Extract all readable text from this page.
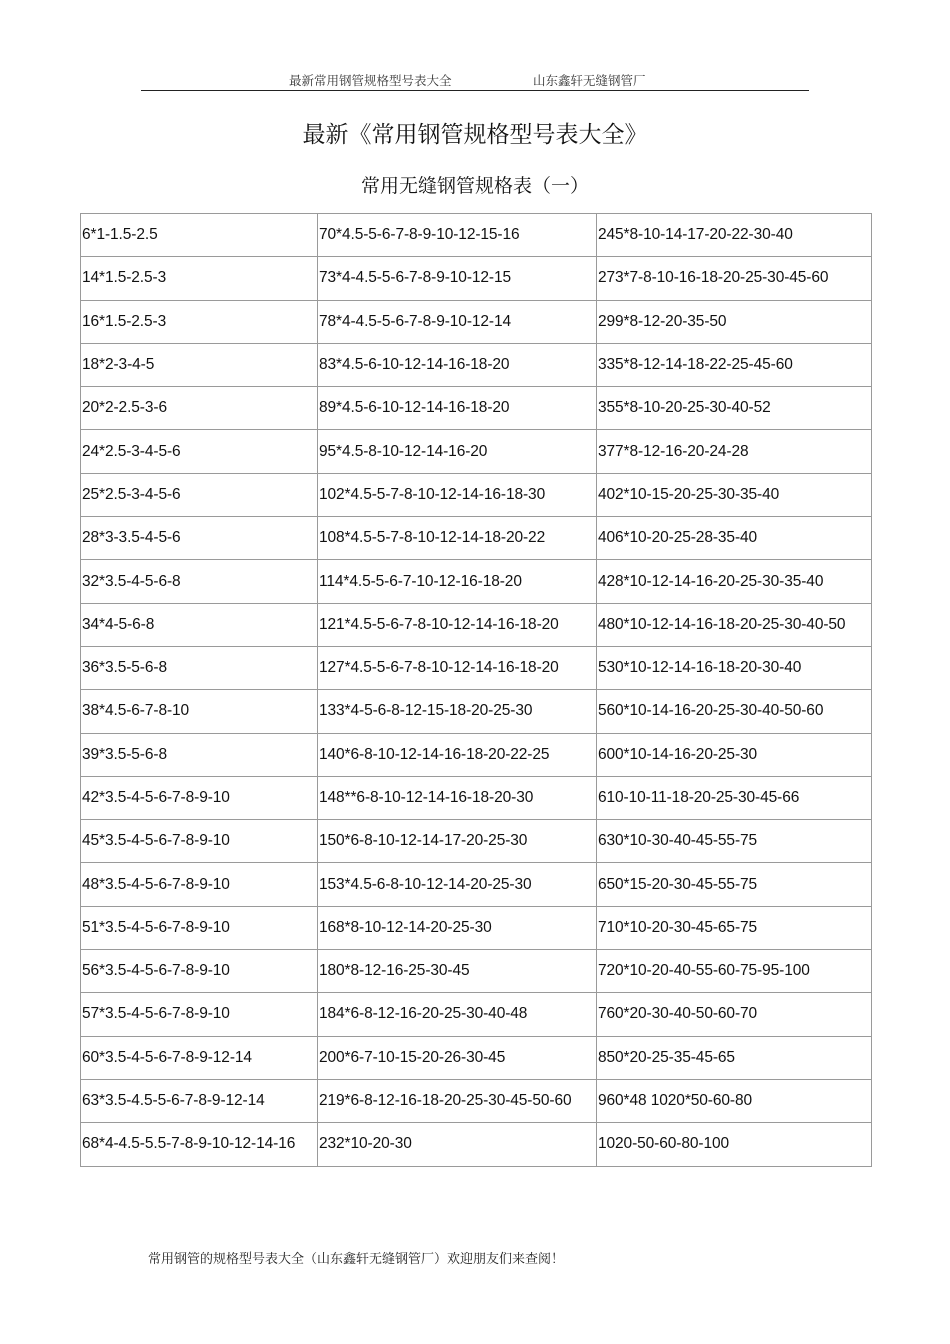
最新常用钢管规格型号表大全	山东鑫轩无缝钢管厂
最新《常用钢管规格型号表大全》
常用无缝钢管规格表（一）
6*1-1.5-2.5	70*4.5-5-6-7-8-9-10-12-15-16	245*8-10-14-17-20-22-30-40
14*1.5-2.5-3	73*4-4.5-5-6-7-8-9-10-12-15	273*7-8-10-16-18-20-25-30-45-60
16*1.5-2.5-3	78*4-4.5-5-6-7-8-9-10-12-14	299*8-12-20-35-50
18*2-3-4-5	83*4.5-6-10-12-14-16-18-20	335*8-12-14-18-22-25-45-60
20*2-2.5-3-6	89*4.5-6-10-12-14-16-18-20	355*8-10-20-25-30-40-52
24*2.5-3-4-5-6	95*4.5-8-10-12-14-16-20	377*8-12-16-20-24-28
25*2.5-3-4-5-6	102*4.5-5-7-8-10-12-14-16-18-30	402*10-15-20-25-30-35-40
28*3-3.5-4-5-6	108*4.5-5-7-8-10-12-14-18-20-22	406*10-20-25-28-35-40
32*3.5-4-5-6-8	114*4.5-5-6-7-10-12-16-18-20	428*10-12-14-16-20-25-30-35-40
34*4-5-6-8	121*4.5-5-6-7-8-10-12-14-16-18-20	480*10-12-14-16-18-20-25-30-40-50
36*3.5-5-6-8	127*4.5-5-6-7-8-10-12-14-16-18-20	530*10-12-14-16-18-20-30-40
38*4.5-6-7-8-10	133*4-5-6-8-12-15-18-20-25-30	560*10-14-16-20-25-30-40-50-60
39*3.5-5-6-8	140*6-8-10-12-14-16-18-20-22-25	600*10-14-16-20-25-30
42*3.5-4-5-6-7-8-9-10	148**6-8-10-12-14-16-18-20-30	610-10-11-18-20-25-30-45-66
45*3.5-4-5-6-7-8-9-10	150*6-8-10-12-14-17-20-25-30	630*10-30-40-45-55-75
48*3.5-4-5-6-7-8-9-10	153*4.5-6-8-10-12-14-20-25-30	650*15-20-30-45-55-75
51*3.5-4-5-6-7-8-9-10	168*8-10-12-14-20-25-30	710*10-20-30-45-65-75
56*3.5-4-5-6-7-8-9-10	180*8-12-16-25-30-45	720*10-20-40-55-60-75-95-100
57*3.5-4-5-6-7-8-9-10	184*6-8-12-16-20-25-30-40-48	760*20-30-40-50-60-70
60*3.5-4-5-6-7-8-9-12-14	200*6-7-10-15-20-26-30-45	850*20-25-35-45-65
63*3.5-4.5-5-6-7-8-9-12-14	219*6-8-12-16-18-20-25-30-45-50-60	960*48 1020*50-60-80
68*4-4.5-5.5-7-8-9-10-12-14-16	232*10-20-30	1020-50-60-80-100
常用钢管的规格型号表大全（山东鑫轩无缝钢管厂）欢迎朋友们来查阅！
